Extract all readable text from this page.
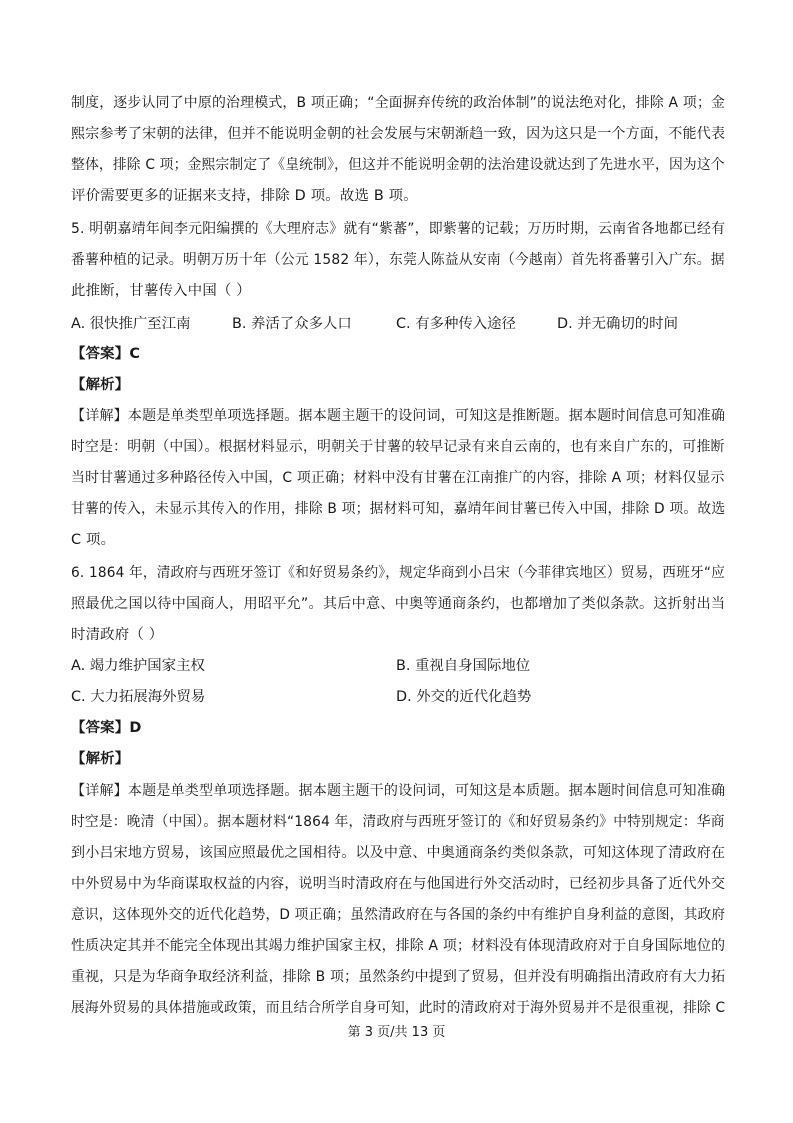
制度，逐步认同了中原的治理模式，B 项正确；“全面摒弃传统的政治体制”的说法绝对化，排除 A 项；金
熙宗参考了宋朝的法律，但并不能说明金朝的社会发展与宋朝渐趋一致，因为这只是一个方面，不能代表
整体，排除 C 项；金熙宗制定了《皇统制》，但这并不能说明金朝的法治建设就达到了先进水平，因为这个
评价需要更多的证据来支持，排除 D 项。故选 B 项。
5. 明朝嘉靖年间李元阳编撰的《大理府志》就有“紫蕃”，即紫薯的记载；万历时期，云南省各地都已经有
番薯种植的记录。明朝万历十年（公元 1582 年），东莞人陈益从安南（今越南）首先将番薯引入广东。据
此推断，甘薯传入中国（ ）
A. 很快推广至江南	B. 养活了众多人口	C. 有多种传入途径	D. 并无确切的时间
【答案】C
【解析】
【详解】本题是单类型单项选择题。据本题主题干的设问词，可知这是推断题。据本题时间信息可知准确
时空是：明朝（中国）。根据材料显示，明朝关于甘薯的较早记录有来自云南的，也有来自广东的，可推断
当时甘薯通过多种路径传入中国，C 项正确；材料中没有甘薯在江南推广的内容，排除 A 项；材料仅显示
甘薯的传入，未显示其传入的作用，排除 B 项；据材料可知，嘉靖年间甘薯已传入中国，排除 D 项。故选
C 项。
6. 1864 年，清政府与西班牙签订《和好贸易条约》，规定华商到小吕宋（今菲律宾地区）贸易，西班牙“应
照最优之国以待中国商人，用昭平允”。其后中意、中奥等通商条约，也都增加了类似条款。这折射出当
时清政府（ ）
A. 竭力维护国家主权	B. 重视自身国际地位
C. 大力拓展海外贸易	D. 外交的近代化趋势
【答案】D
【解析】
【详解】本题是单类型单项选择题。据本题主题干的设问词，可知这是本质题。据本题时间信息可知准确
时空是：晚清（中国）。据本题材料“1864 年，清政府与西班牙签订的《和好贸易条约》中特别规定：华商
到小吕宋地方贸易，该国应照最优之国相待。以及中意、中奥通商条约类似条款，可知这体现了清政府在
中外贸易中为华商谋取权益的内容，说明当时清政府在与他国进行外交活动时，已经初步具备了近代外交
意识，这体现外交的近代化趋势，D 项正确；虽然清政府在与各国的条约中有维护自身利益的意图，其政府
性质决定其并不能完全体现出其竭力维护国家主权，排除 A 项；材料没有体现清政府对于自身国际地位的
重视，只是为华商争取经济利益，排除 B 项；虽然条约中提到了贸易，但并没有明确指出清政府有大力拓
展海外贸易的具体措施或政策，而且结合所学自身可知，此时的清政府对于海外贸易并不是很重视，排除 C
第 3 页/共 13 页
